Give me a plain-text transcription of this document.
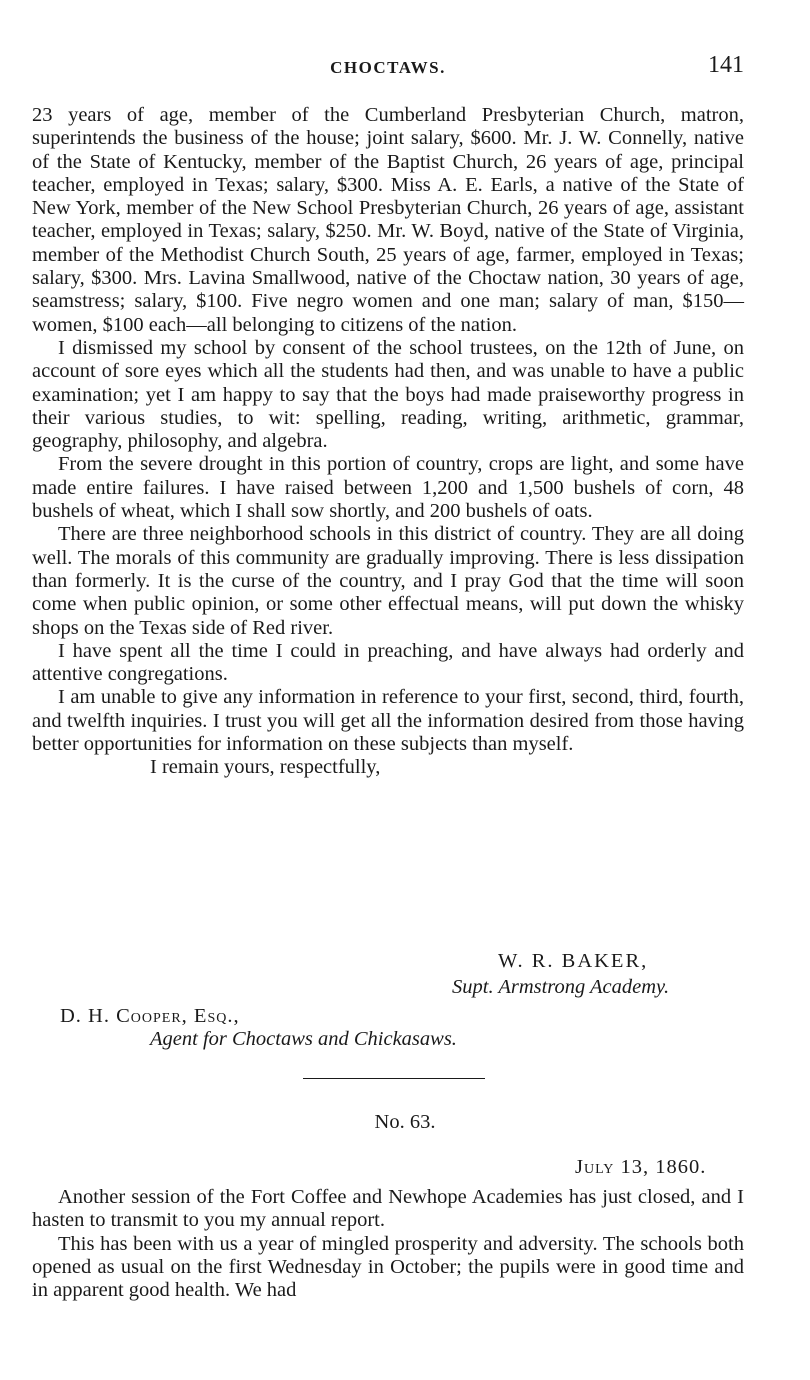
CHOCTAWS.	141

23 years of age, member of the Cumberland Presbyterian Church, matron, superintends the business of the house; joint salary, $600. Mr. J. W. Connelly, native of the State of Kentucky, member of the Baptist Church, 26 years of age, principal teacher, employed in Texas; salary, $300. Miss A. E. Earls, a native of the State of New York, member of the New School Presbyterian Church, 26 years of age, assistant teacher, employed in Texas; salary, $250. Mr. W. Boyd, native of the State of Virginia, member of the Methodist Church South, 25 years of age, farmer, employed in Texas; salary, $300. Mrs. Lavina Smallwood, native of the Choctaw nation, 30 years of age, seamstress; salary, $100. Five negro women and one man; salary of man, $150—women, $100 each—all belonging to citizens of the nation.

I dismissed my school by consent of the school trustees, on the 12th of June, on account of sore eyes which all the students had then, and was unable to have a public examination; yet I am happy to say that the boys had made praiseworthy progress in their various studies, to wit: spelling, reading, writing, arithmetic, grammar, geography, philosophy, and algebra.

From the severe drought in this portion of country, crops are light, and some have made entire failures. I have raised between 1,200 and 1,500 bushels of corn, 48 bushels of wheat, which I shall sow shortly, and 200 bushels of oats.

There are three neighborhood schools in this district of country. They are all doing well. The morals of this community are gradually improving. There is less dissipation than formerly. It is the curse of the country, and I pray God that the time will soon come when public opinion, or some other effectual means, will put down the whisky shops on the Texas side of Red river.

I have spent all the time I could in preaching, and have always had orderly and attentive congregations.

I am unable to give any information in reference to your first, second, third, fourth, and twelfth inquiries. I trust you will get all the information desired from those having better opportunities for information on these subjects than myself.

I remain yours, respectfully,

W. R. BAKER,
Supt. Armstrong Academy.
D. H. Cooper, Esq.,
Agent for Choctaws and Chickasaws.
No. 63.
July 13, 1860.

Another session of the Fort Coffee and Newhope Academies has just closed, and I hasten to transmit to you my annual report.

This has been with us a year of mingled prosperity and adversity. The schools both opened as usual on the first Wednesday in October; the pupils were in good time and in apparent good health. We had
